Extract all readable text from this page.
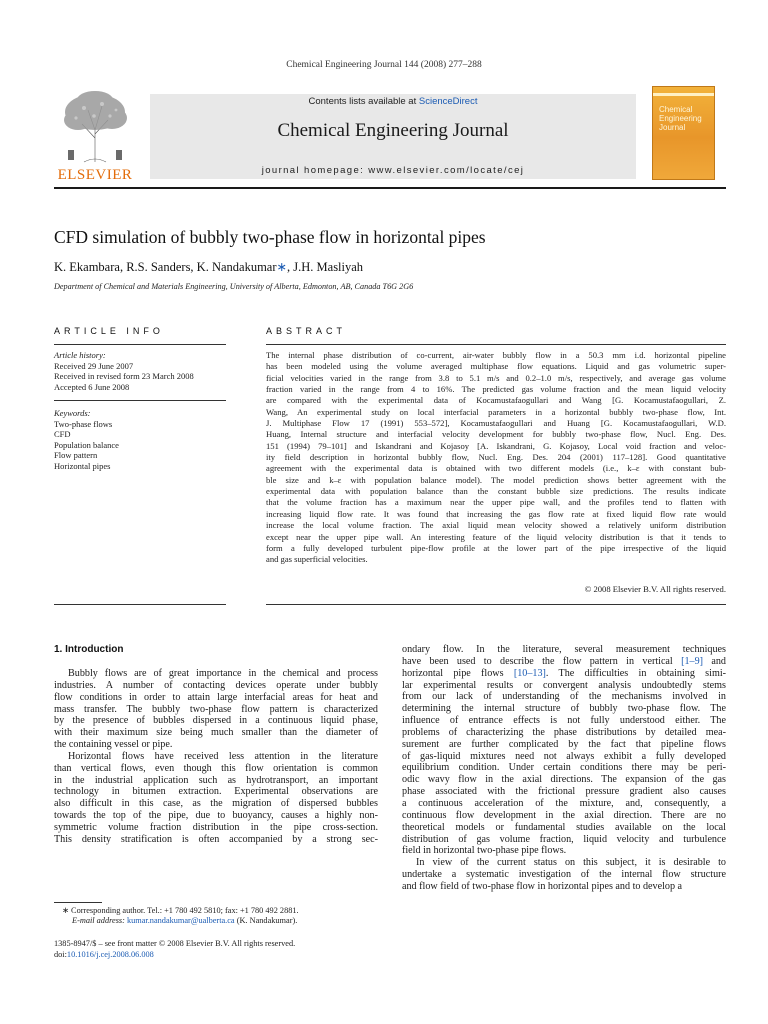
Chemical Engineering Journal 144 (2008) 277–288
ELSEVIER
Contents lists available at ScienceDirect
Chemical Engineering Journal
journal homepage: www.elsevier.com/locate/cej
Chemical
Engineering
Journal
CFD simulation of bubbly two-phase flow in horizontal pipes
K. Ekambara, R.S. Sanders, K. Nandakumar∗, J.H. Masliyah
Department of Chemical and Materials Engineering, University of Alberta, Edmonton, AB, Canada T6G 2G6
ARTICLE INFO
Article history:
Received 29 June 2007
Received in revised form 23 March 2008
Accepted 6 June 2008
Keywords:
Two-phase flows
CFD
Population balance
Flow pattern
Horizontal pipes
ABSTRACT

The internal phase distribution of co-current, air-water bubbly flow in a 50.3 mm i.d. horizontal pipeline

has been modeled using the volume averaged multiphase flow equations. Liquid and gas volumetric super-

ficial velocities varied in the range from 3.8 to 5.1 m/s and 0.2–1.0 m/s, respectively, and average gas volume

fraction varied in the range from 4 to 16%. The predicted gas volume fraction and the mean liquid velocity

are compared with the experimental data of Kocamustafaogullari and Wang [G. Kocamustafaogullari, Z.

Wang, An experimental study on local interfacial parameters in a horizontal bubbly two-phase flow, Int.

J. Multiphase Flow 17 (1991) 553–572], Kocamustafaogullari and Huang [G. Kocamustafaogullari, W.D.

Huang, Internal structure and interfacial velocity development for bubbly two-phase flow, Nucl. Eng. Des.

151 (1994) 79–101] and Iskandrani and Kojasoy [A. Iskandrani, G. Kojasoy, Local void fraction and veloc-

ity field description in horizontal bubbly flow, Nucl. Eng. Des. 204 (2001) 117–128]. Good quantitative

agreement with the experimental data is obtained with two different models (i.e., k–ε with constant bub-

ble size and k–ε with population balance model). The model prediction shows better agreement with the

experimental data with population balance than the constant bubble size predictions. The results indicate

that the volume fraction has a maximum near the upper pipe wall, and the profiles tend to flatten with

increasing liquid flow rate. It was found that increasing the gas flow rate at fixed liquid flow rate would

increase the local volume fraction. The axial liquid mean velocity showed a relatively uniform distribution

except near the upper pipe wall. An interesting feature of the liquid velocity distribution is that it tends to

form a fully developed turbulent pipe-flow profile at the lower part of the pipe irrespective of the liquid

and gas superficial velocities.

© 2008 Elsevier B.V. All rights reserved.
1. Introduction

Bubbly flows are of great importance in the chemical and process

industries. A number of contacting devices operate under bubbly

flow conditions in order to attain large interfacial areas for heat and

mass transfer. The bubbly two-phase flow pattern is characterized

by the presence of bubbles dispersed in a continuous liquid phase,

with their maximum size being much smaller than the diameter of

the containing vessel or pipe.

Horizontal flows have received less attention in the literature

than vertical flows, even though this flow orientation is common

in the industrial application such as hydrotransport, an important

technology in bitumen extraction. Experimental observations are

also difficult in this case, as the migration of dispersed bubbles

towards the top of the pipe, due to buoyancy, causes a highly non-

symmetric volume fraction distribution in the pipe cross-section.

This density stratification is often accompanied by a strong sec-

ondary flow. In the literature, several measurement techniques

have been used to describe the flow pattern in vertical [1–9] and

horizontal pipe flows [10–13]. The difficulties in obtaining simi-

lar experimental results or convergent analysis undoubtedly stems

from our lack of understanding of the mechanisms involved in

determining the internal structure of bubbly two-phase flow. The

influence of entrance effects is not fully understood either. The

problems of characterizing the phase distributions by detailed mea-

surement are further complicated by the fact that pipeline flows

of gas-liquid mixtures need not always exhibit a fully developed

equilibrium condition. Under certain conditions there may be peri-

odic wavy flow in the axial directions. The expansion of the gas

phase associated with the frictional pressure gradient also causes

a continuous acceleration of the mixture, and, consequently, a

continuous flow development in the axial direction. There are no

theoretical models or fundamental studies available on the local

distribution of gas volume fraction, liquid velocity and turbulence

field in horizontal two-phase pipe flows.

In view of the current status on this subject, it is desirable to

undertake a systematic investigation of the internal flow structure

and flow field of two-phase flow in horizontal pipes and to develop a

∗ Corresponding author. Tel.: +1 780 492 5810; fax: +1 780 492 2881.
E-mail address: kumar.nandakumar@ualberta.ca (K. Nandakumar).
1385-8947/$ – see front matter © 2008 Elsevier B.V. All rights reserved.
doi:10.1016/j.cej.2008.06.008
